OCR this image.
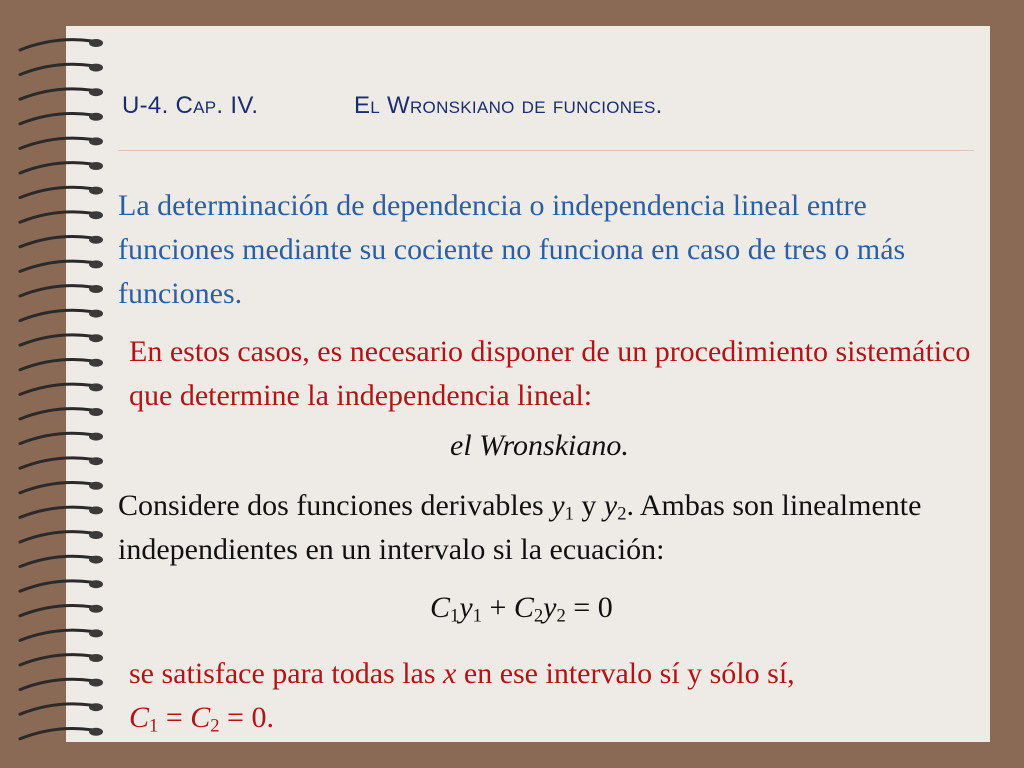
U-4. Cap. IV.	El Wronskiano de funciones.
La determinación de dependencia o independencia lineal entre funciones mediante su cociente no funciona en caso de tres o más funciones.
En estos casos, es necesario disponer de un procedimiento sistemático que determine la independencia lineal:
el Wronskiano.
Considere dos funciones derivables $y_1$ y $y_2$. Ambas son linealmente independientes en un intervalo si la ecuación:
$C_1y_1 + C_2y_2 = 0$
se satisface para todas las x en ese intervalo sí y sólo sí,
$C_1 = C_2 = 0$.
